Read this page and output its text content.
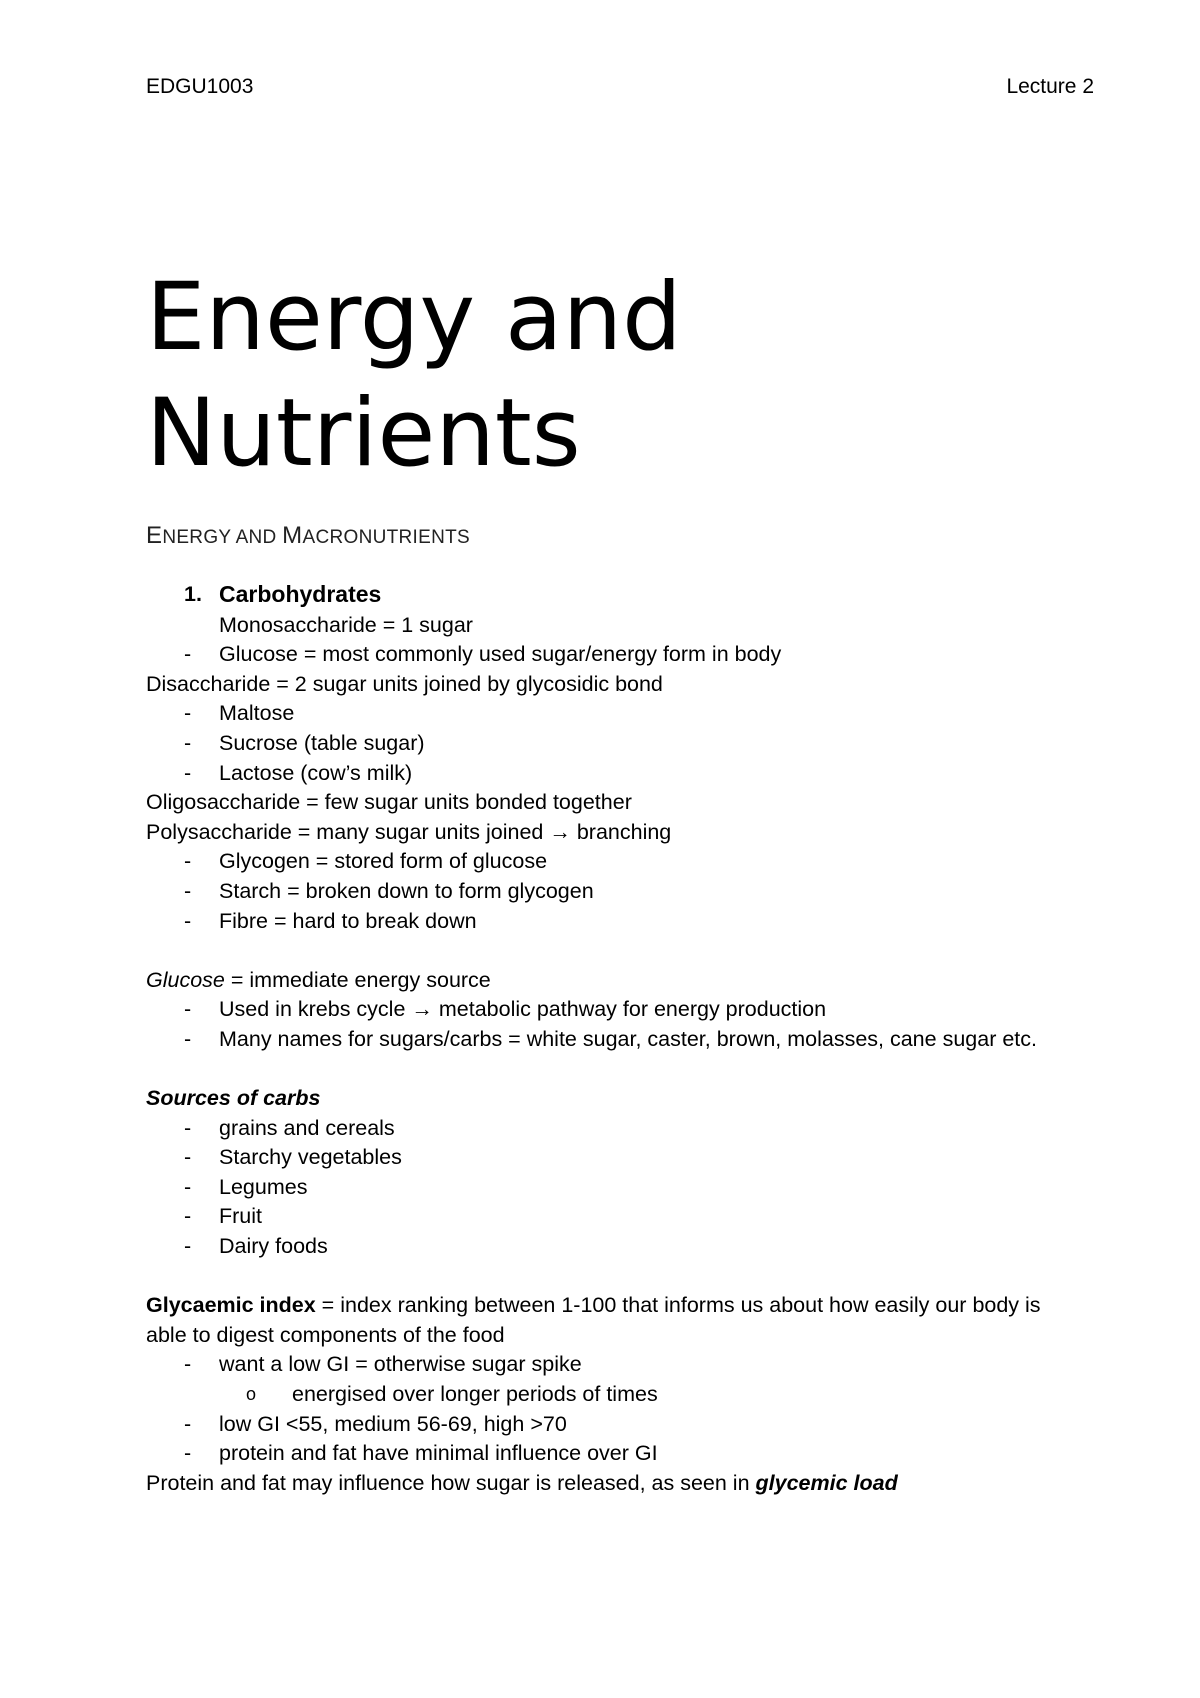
EDGU1003	Lecture 2
Energy and
Nutrients
ENERGY AND MACRONUTRIENTS
1. Carbohydrates
Monosaccharide = 1 sugar
- Glucose = most commonly used sugar/energy form in body
Disaccharide = 2 sugar units joined by glycosidic bond
- Maltose
- Sucrose (table sugar)
- Lactose (cow’s milk)
Oligosaccharide = few sugar units bonded together
Polysaccharide = many sugar units joined → branching
- Glycogen = stored form of glucose
- Starch = broken down to form glycogen
- Fibre = hard to break down
Glucose = immediate energy source
- Used in krebs cycle → metabolic pathway for energy production
- Many names for sugars/carbs = white sugar, caster, brown, molasses, cane sugar etc.
Sources of carbs
- grains and cereals
- Starchy vegetables
- Legumes
- Fruit
- Dairy foods
Glycaemic index = index ranking between 1-100 that informs us about how easily our body is able to digest components of the food
- want a low GI = otherwise sugar spike
o energised over longer periods of times
- low GI <55, medium 56-69, high >70
- protein and fat have minimal influence over GI
Protein and fat may influence how sugar is released, as seen in glycemic load
